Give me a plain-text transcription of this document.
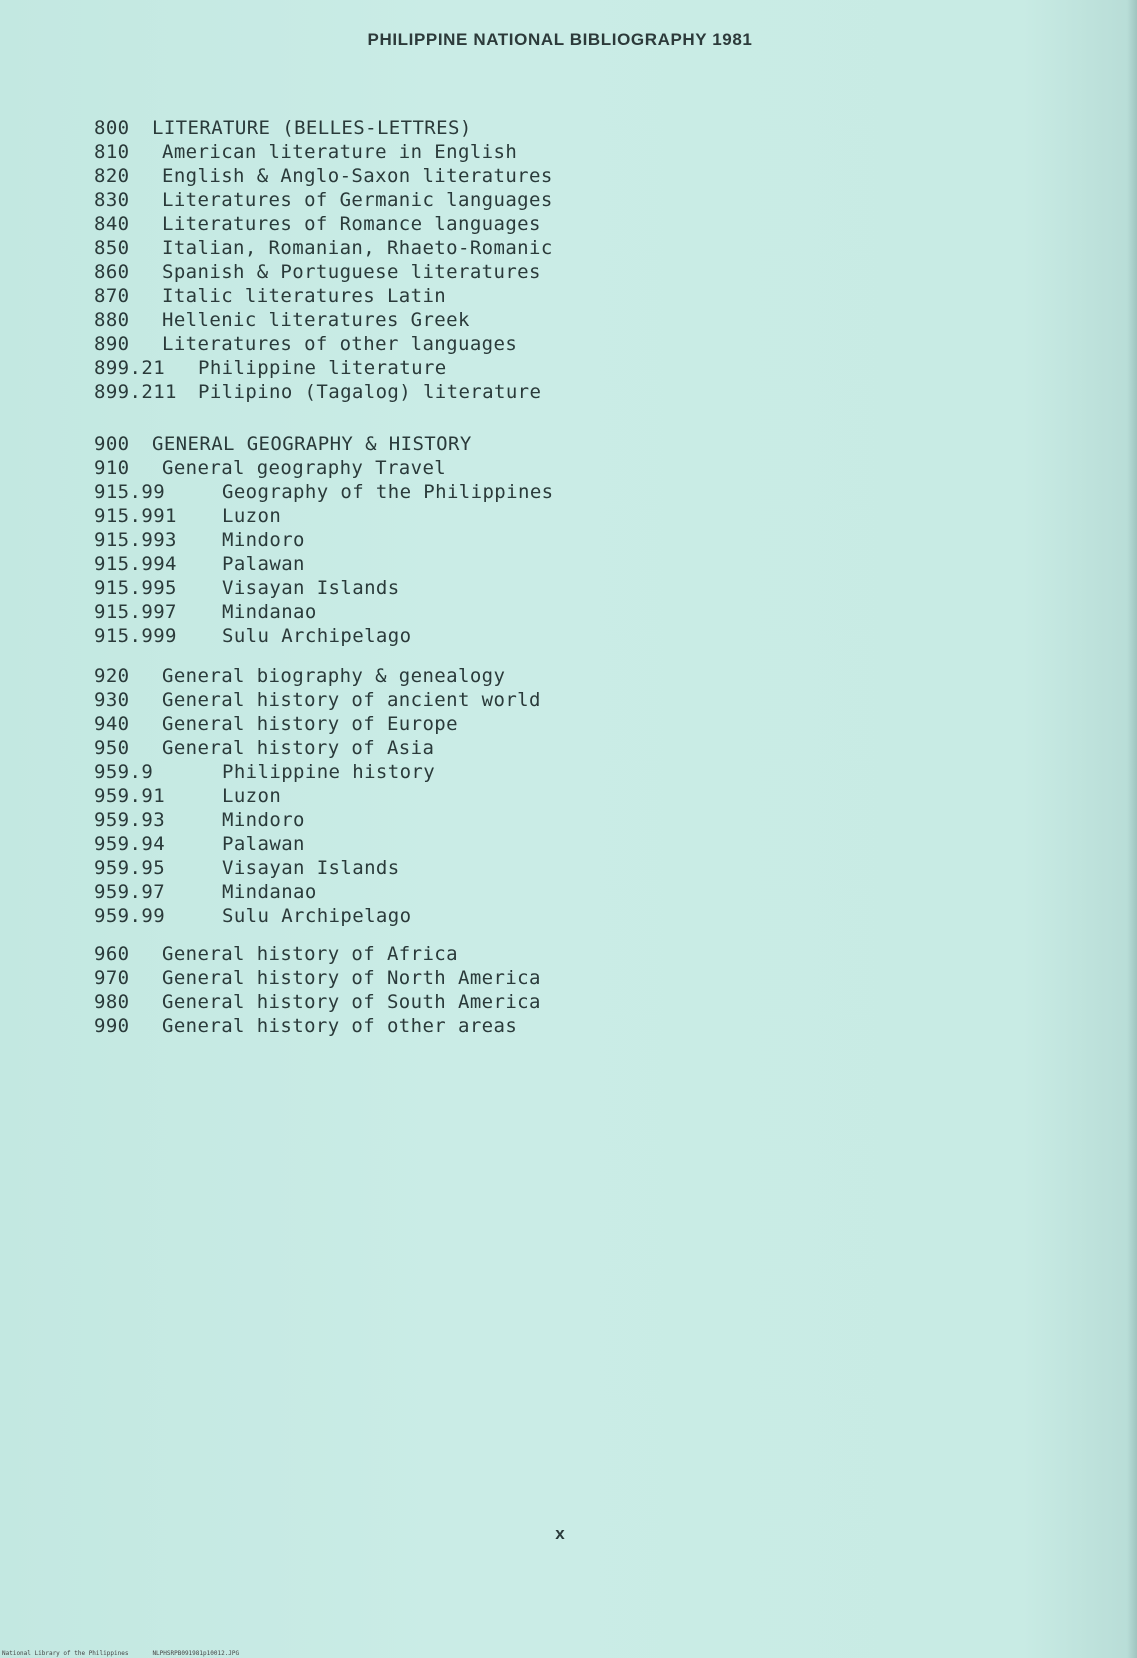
PHILIPPINE NATIONAL BIBLIOGRAPHY 1981
800 LITERATURE (BELLES-LETTRES)
810 American literature in English
820 English & Anglo-Saxon literatures
830 Literatures of Germanic languages
840 Literatures of Romance languages
850 Italian, Romanian, Rhaeto-Romanic
860 Spanish & Portuguese literatures
870 Italic literatures Latin
880 Hellenic literatures Greek
890 Literatures of other languages
899.21 Philippine literature
899.211 Pilipino (Tagalog) literature
900 GENERAL GEOGRAPHY & HISTORY
910 General geography Travel
915.99	Geography of the Philippines
915.991 Luzon
915.993 Mindoro
915.994 Palawan
915.995 Visayan Islands
915.997 Mindanao
915.999 Sulu Archipelago
920 General biography & genealogy
930 General history of ancient world
940 General history of Europe
950 General history of Asia
959.9	Philippine history
959.91	Luzon
959.93	Mindoro
959.94	Palawan
959.95	Visayan Islands
959.97	Mindanao
959.99	Sulu Archipelago
960 General history of Africa
970 General history of North America
980 General history of South America
990 General history of other areas
x
National Library of the Philippines	NLPHSRPB091981p10012.JPG
